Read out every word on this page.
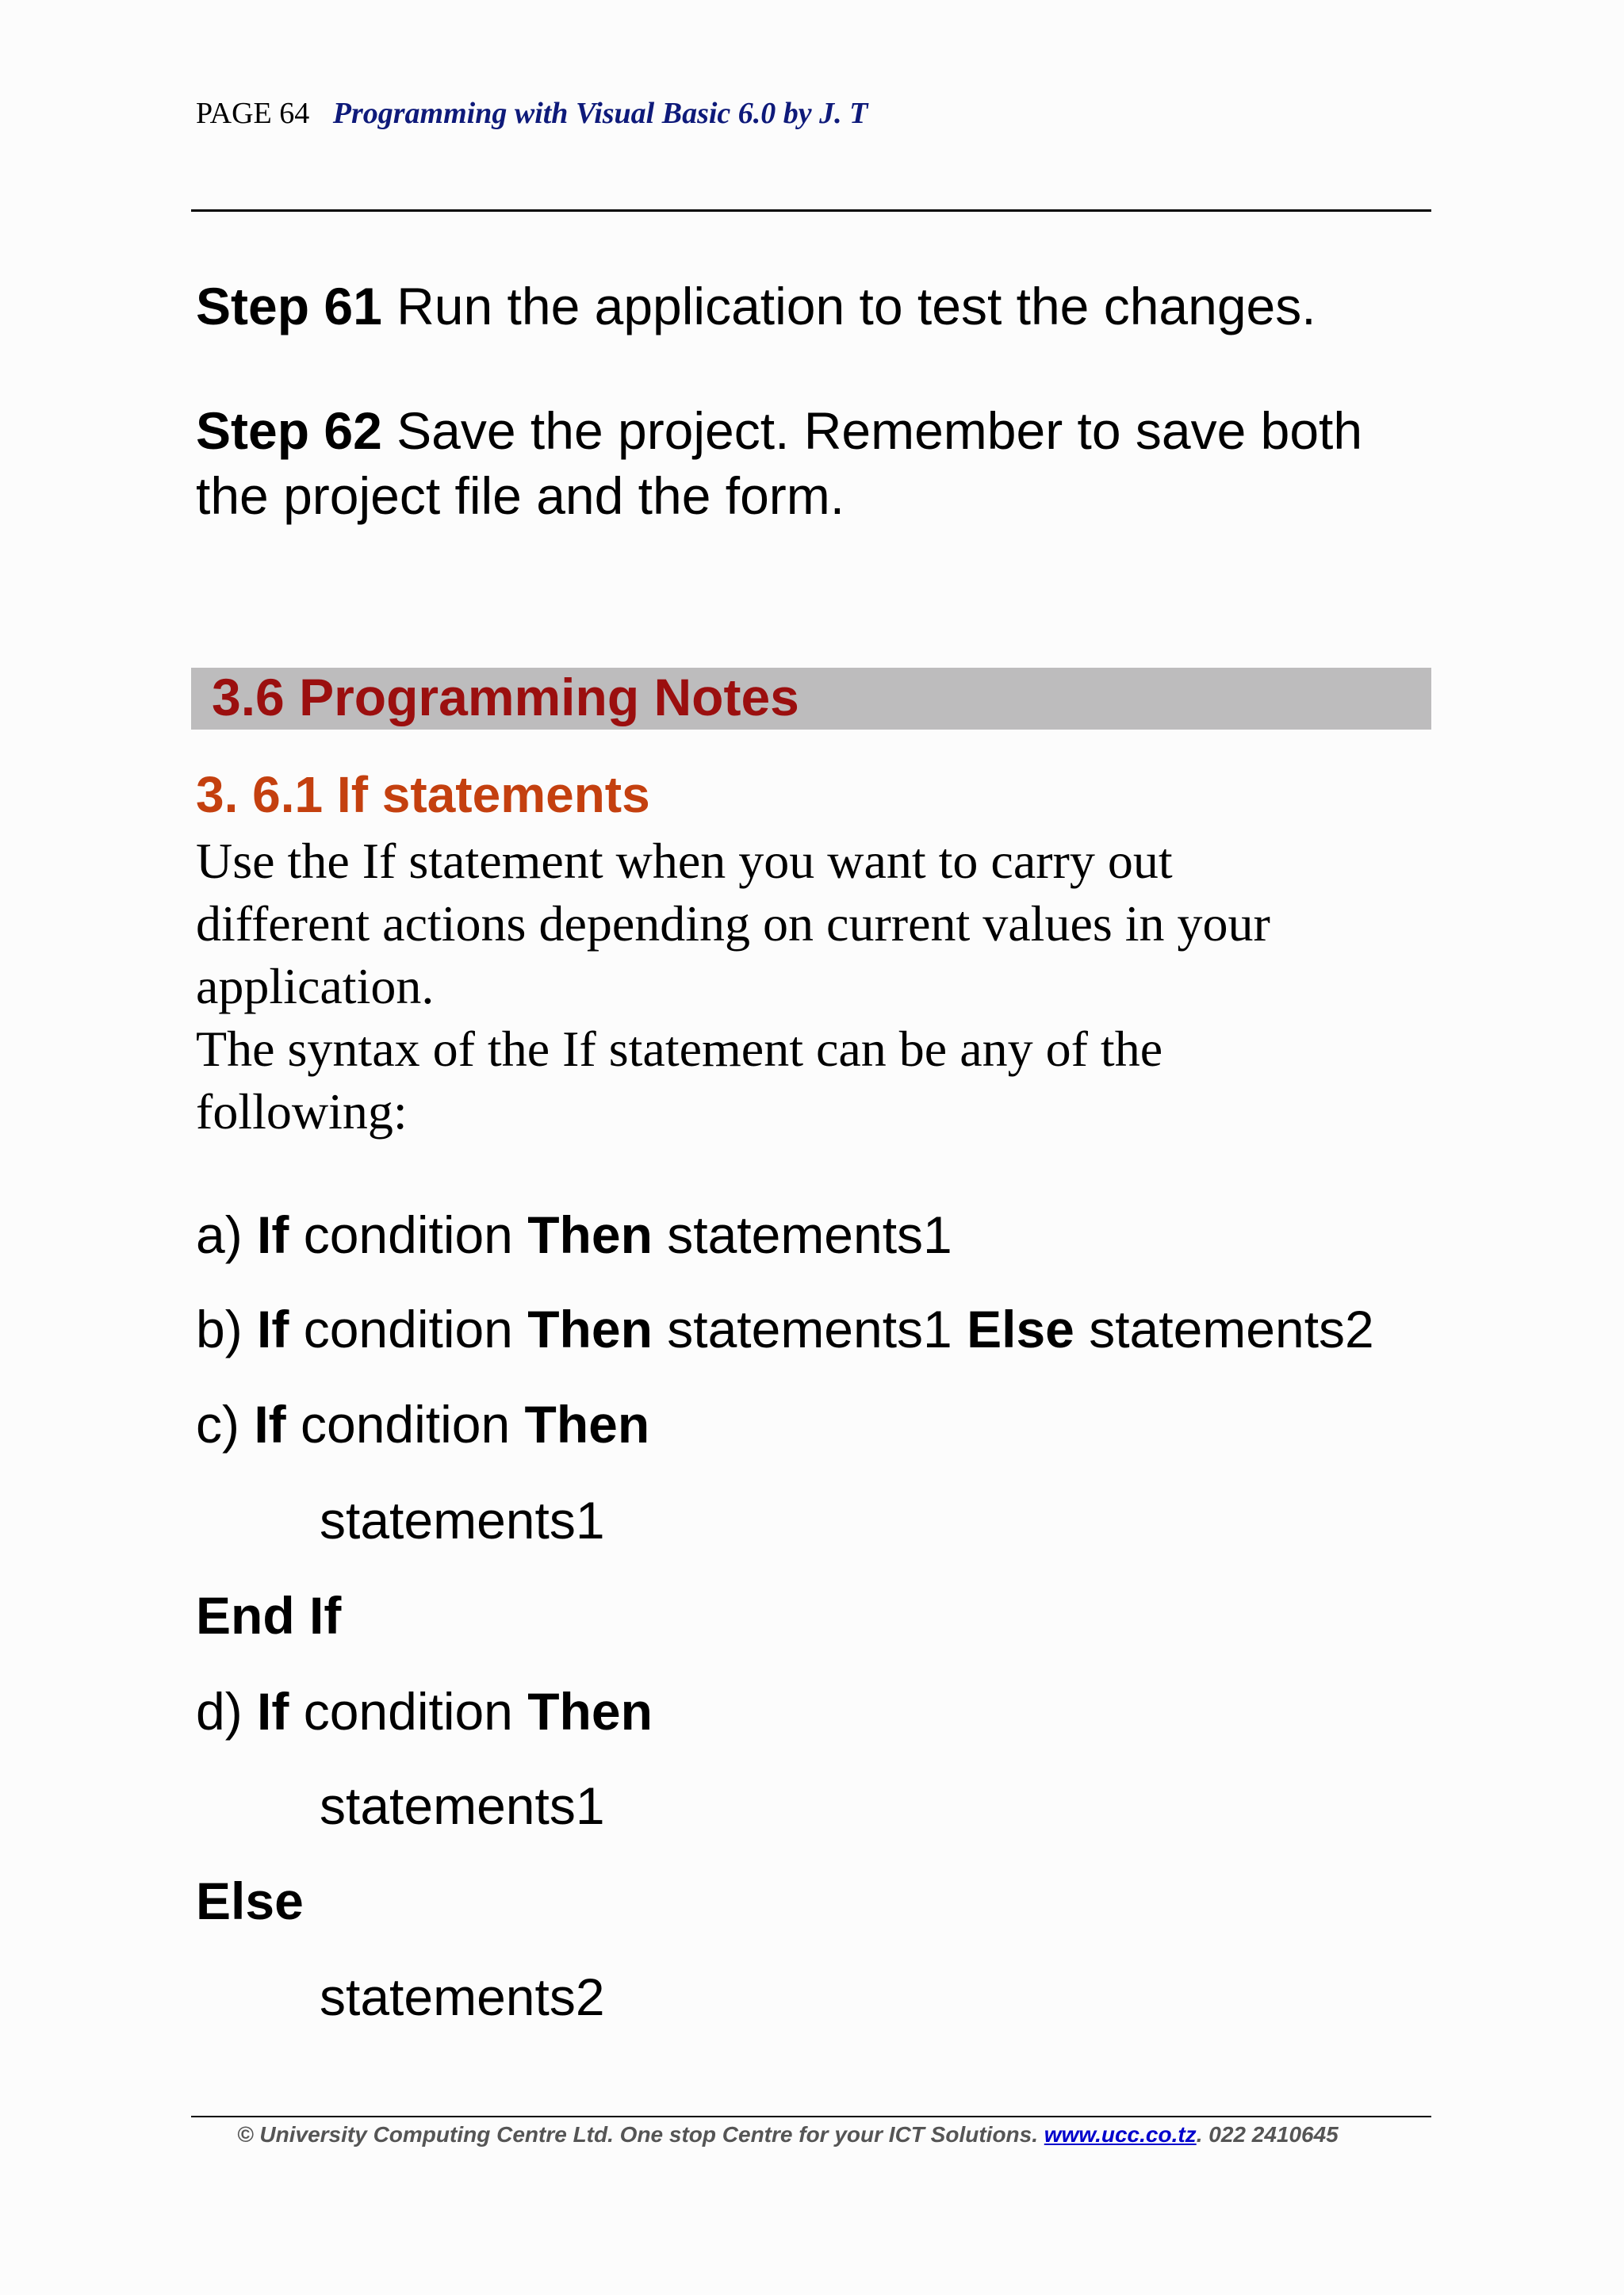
PAGE 64 Programming with Visual Basic 6.0 by J. T
Step 61 Run the application to test the changes.
Step 62 Save the project. Remember to save both
the project file and the form.
3.6 Programming Notes
3. 6.1 If statements

Use the If statement when you want to carry out

different actions depending on current values in your

application.

The syntax of the If statement can be any of the

following:

a) If condition Then statements1
b) If condition Then statements1 Else statements2
c) If condition Then
statements1
End If
d) If condition Then
statements1
Else
statements2
© University Computing Centre Ltd. One stop Centre for your ICT Solutions. www.ucc.co.tz. 022 2410645
